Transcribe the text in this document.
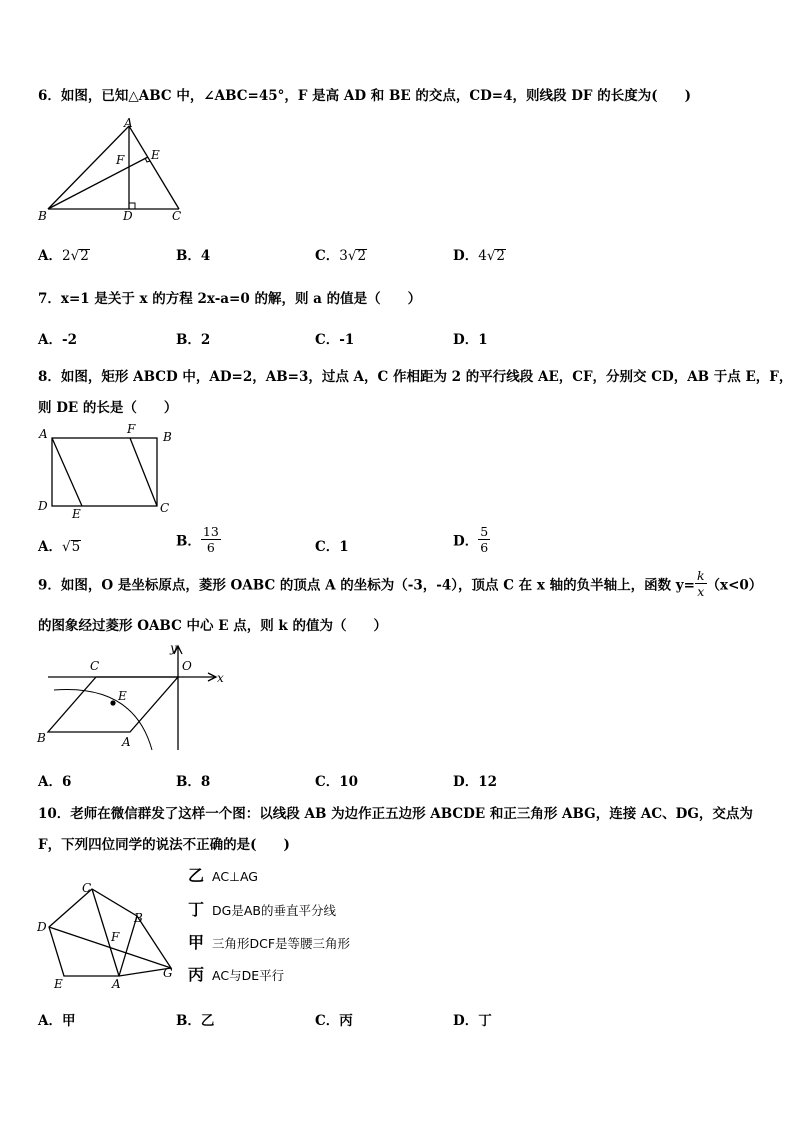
6．如图，已知△ABC 中，∠ABC=45°，F 是高 AD 和 BE 的交点，CD=4，则线段 DF 的长度为(　　)
A
B	C
D
E
F
A．2√2	B．4	C．3√2	D．4√2
7．x=1 是关于 x 的方程 2x-a=0 的解，则 a 的值是（　　）
A．-2	B．2	C．-1	D．1
8．如图，矩形 ABCD 中，AD=2，AB=3，过点 A，C 作相距为 2 的平行线段 AE，CF，分别交 CD，AB 于点 E，F，
则 DE 的长是（　　）
A	B
C
D
E
F
A．√5	B． $\frac{13}{6}$	C．1	D． $\frac{5}{6}$
9．如图，O 是坐标原点，菱形 OABC 的顶点 A 的坐标为（-3，-4），顶点 C 在 x 轴的负半轴上，函数 $y= \frac{k}{x} (x<0)$
的图象经过菱形 OABC 中心 E 点，则 k 的值为（　　）
y
O
x
C
E
B	A
A．6	B．8	C．10	D．12
10．老师在微信群发了这样一个图：以线段 AB 为边作正五边形 ABCDE 和正三角形 ABG，连接 AC、DG，交点为
F，下列四位同学的说法不正确的是(　　)
C
B
D
F
G
E	A
乙 AC⊥AG
丁 DG是AB的垂直平分线
甲 三角形DCF是等腰三角形
丙 AC与DE平行
A．甲	B．乙	C．丙	D．丁
